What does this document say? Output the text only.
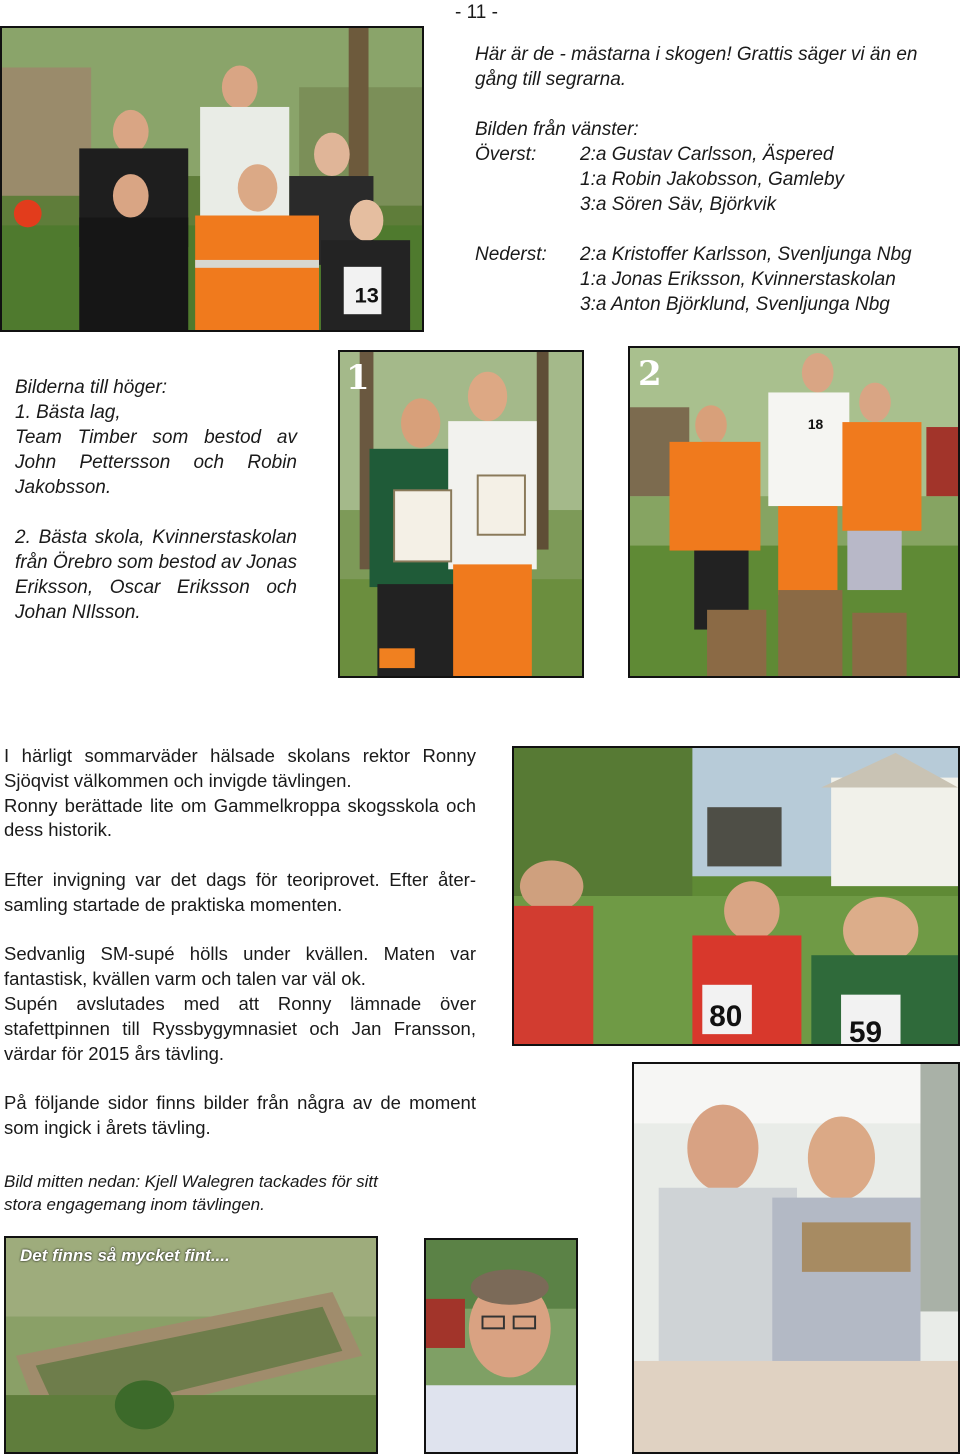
- 11 -
13
Här är de - mästarna i skogen! Grattis säger vi än en
gång till segrarna.
Bilden från vänster:
Överst:	2:a Gustav Carlsson, Äspered
1:a Robin Jakobsson, Gamleby
3:a Sören Säv, Björkvik
Nederst:	2:a Kristoffer Karlsson, Svenljunga Nbg
1:a Jonas Eriksson, Kvinnerstaskolan
3:a Anton Björklund, Svenljunga Nbg

Bilderna till höger:
1. Bästa lag,
Team Timber som bestod av John Pettersson och Robin Jakobsson.

2. Bästa skola, Kvinnerstaskolan från Örebro som bestod av Jonas Eriksson, Oscar Eriksson och Johan NIlsson.

1
18
2

I härligt sommarväder hälsade skolans rektor Ronny Sjöqvist välkommen och invigde tävlingen.
Ronny berättade lite om Gammelkroppa skogsskola och dess historik.

Efter invigning var det dags för teoriprovet. Efter åter-samling startade de praktiska momenten.

Sedvanlig SM-supé hölls under kvällen. Maten var fantastisk, kvällen varm och talen var väl ok.
Supén avslutades med att Ronny lämnade över stafettpinnen till Ryssbygymnasiet och Jan Fransson, värdar för 2015 års tävling.

På följande sidor finns bilder från några av de moment som ingick i årets tävling.

80	59
Bild mitten nedan: Kjell Walegren tackades för sitt stora engagemang inom tävlingen.
Det finns så mycket fint....
